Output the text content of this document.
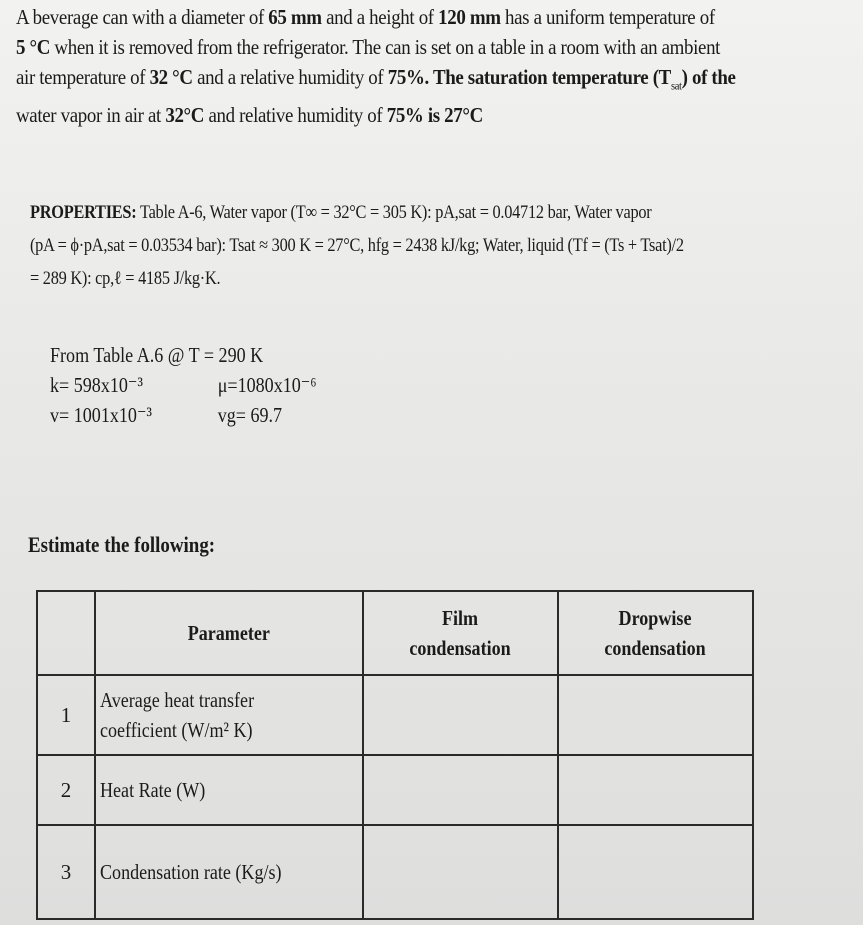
A beverage can with a diameter of 65 mm and a height of 120 mm has a uniform temperature of
5 °C when it is removed from the refrigerator. The can is set on a table in a room with an ambient
air temperature of 32 °C and a relative humidity of 75%. The saturation temperature $(T_{sat})$ of the
water vapor in air at 32°C and relative humidity of 75% is 27°C
PROPERTIES: Table A-6, Water vapor (T∞ = 32°C = 305 K): pA,sat = 0.04712 bar, Water vapor
(pA = ϕ·pA,sat = 0.03534 bar): Tsat ≈ 300 K = 27°C, hfg = 2438 kJ/kg; Water, liquid (Tf = (Ts + Tsat)/2
= 289 K): cp,ℓ = 4185 J/kg·K.
From Table A.6 @ T = 290 K
k= 598x10⁻³	μ=1080x10⁻⁶
v= 1001x10⁻³	vg= 69.7
Estimate the following:
	Parameter	Film condensation	Dropwise condensation
1	Average heat transfer
coefficient (W/m² K)		
2	Heat Rate (W)		
3	Condensation rate (Kg/s)		
